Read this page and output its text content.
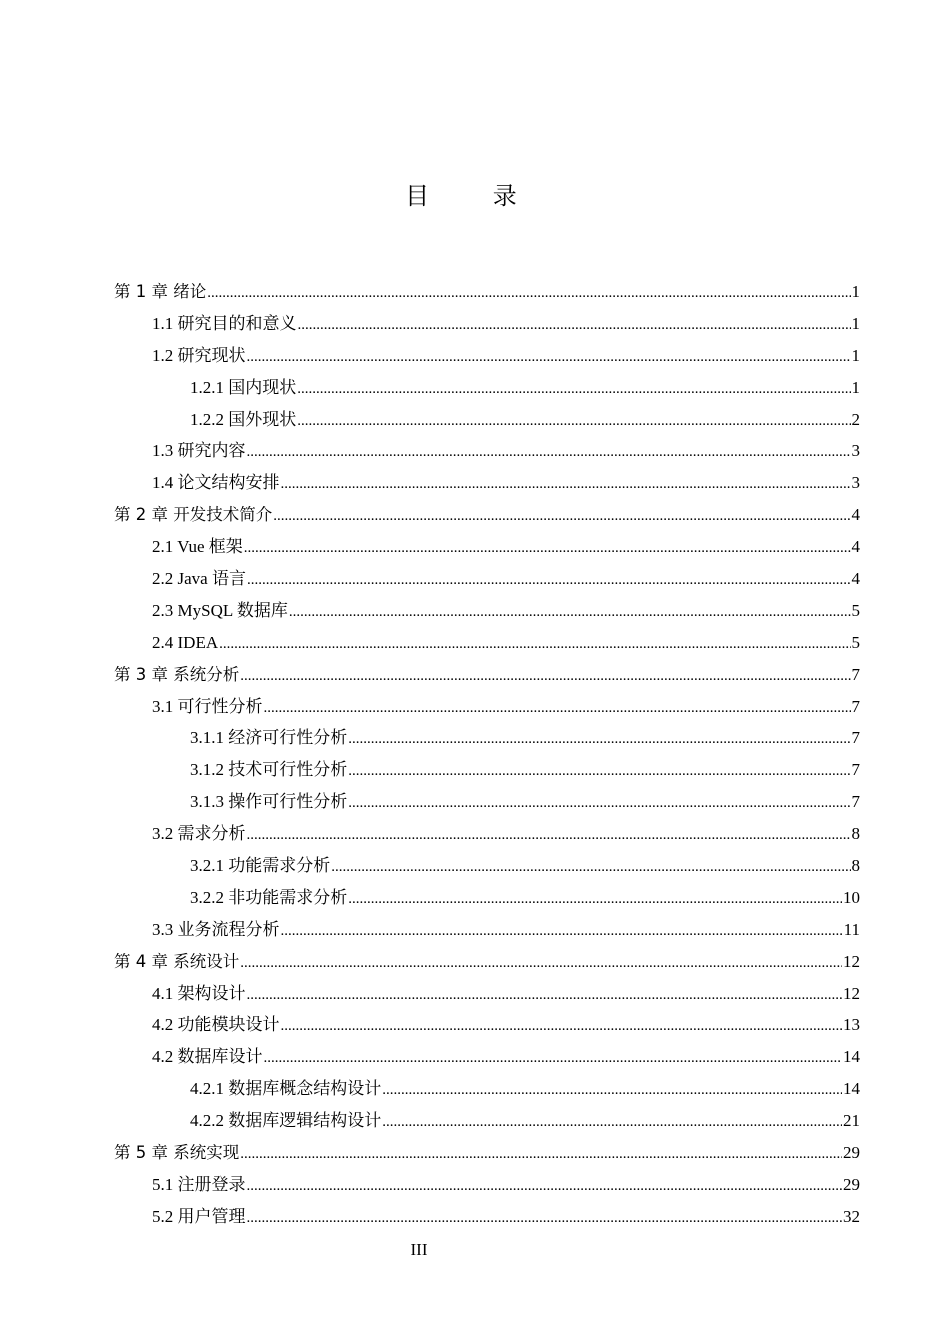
目 录
第 1 章 绪论 .....	1
1.1 研究目的和意义 .....	1
1.2 研究现状 .....	1
1.2.1 国内现状 .....	1
1.2.2 国外现状 .....	2
1.3 研究内容 .....	3
1.4 论文结构安排 .....	3
第 2 章 开发技术简介 .....	4
2.1 Vue 框架 .....	4
2.2 Java 语言 .....	4
2.3 MySQL 数据库 .....	5
2.4 IDEA .....	5
第 3 章 系统分析 .....	7
3.1 可行性分析 .....	7
3.1.1 经济可行性分析 .....	7
3.1.2 技术可行性分析 .....	7
3.1.3 操作可行性分析 .....	7
3.2 需求分析 .....	8
3.2.1 功能需求分析 .....	8
3.2.2 非功能需求分析 .....	10
3.3 业务流程分析 .....	11
第 4 章 系统设计 .....	12
4.1 架构设计 .....	12
4.2 功能模块设计 .....	13
4.2 数据库设计 .....	14
4.2.1 数据库概念结构设计 .....	14
4.2.2 数据库逻辑结构设计 .....	21
第 5 章 系统实现 .....	29
5.1 注册登录 .....	29
5.2 用户管理 .....	32
III
